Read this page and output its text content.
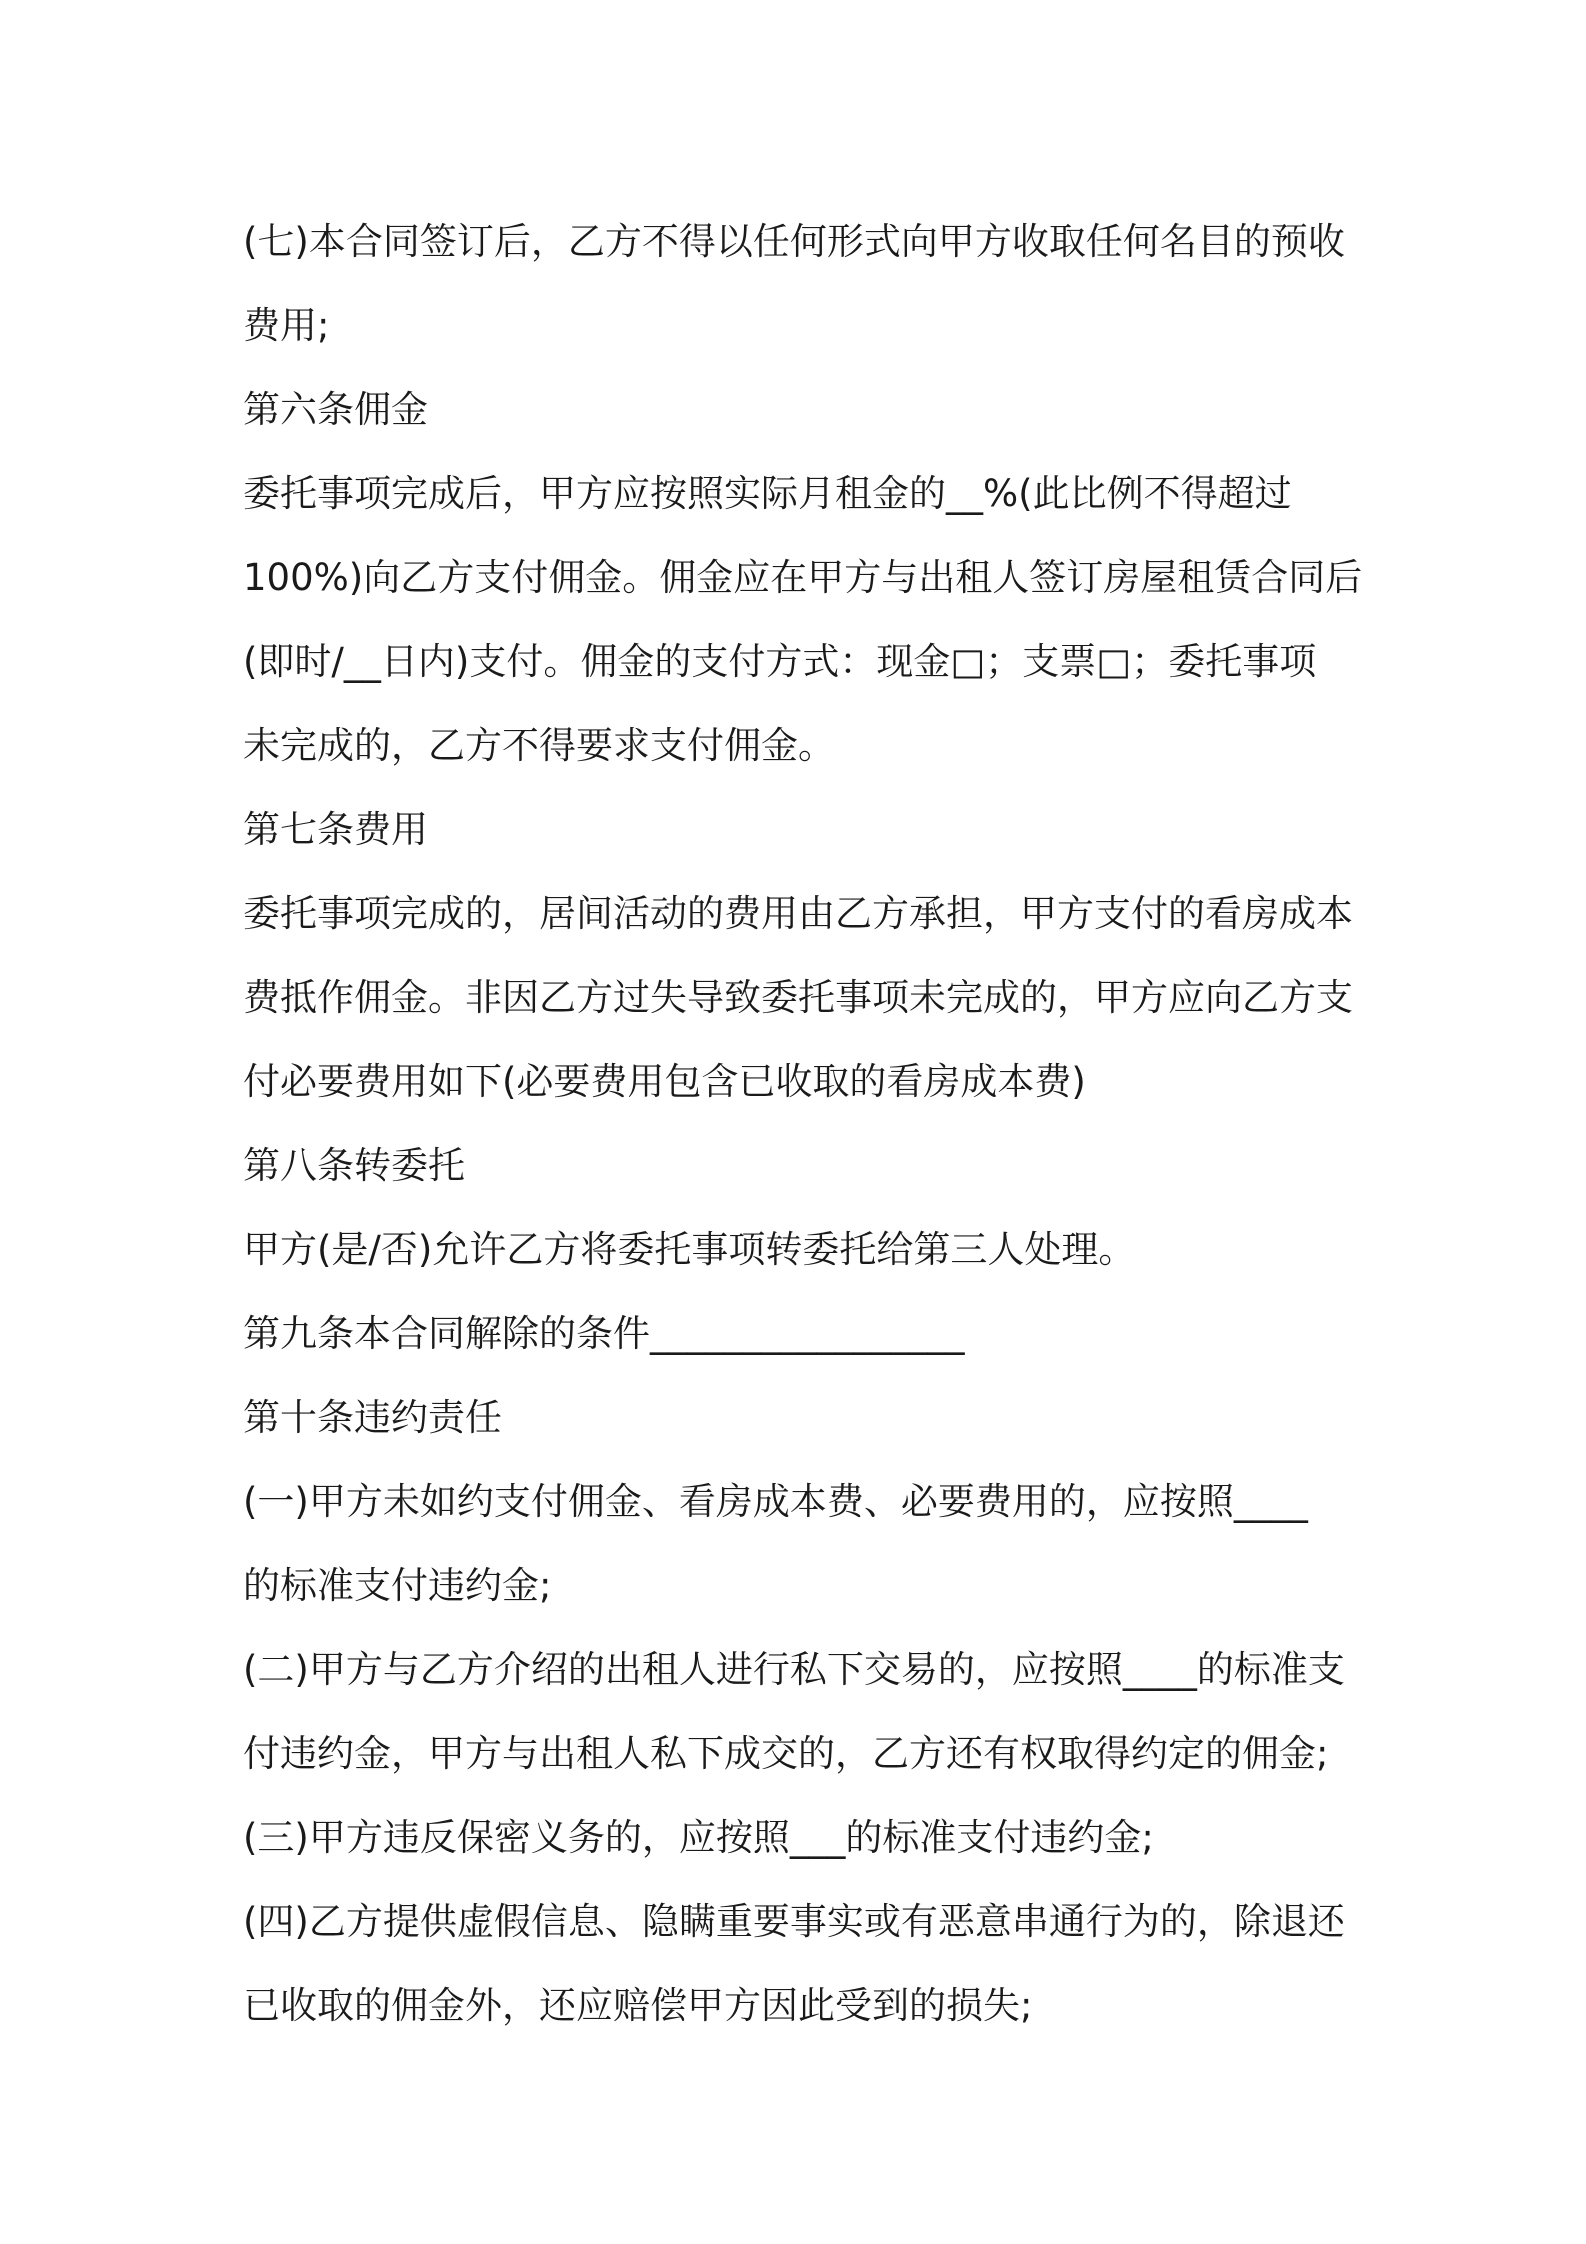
(七)本合同签订后，乙方不得以任何形式向甲方收取任何名目的预收

费用;

第六条佣金

委托事项完成后，甲方应按照实际月租金的__%(此比例不得超过

100%)向乙方支付佣金。佣金应在甲方与出租人签订房屋租赁合同后

(即时/__日内)支付。佣金的支付方式：现金□；支票□；委托事项

未完成的，乙方不得要求支付佣金。

第七条费用

委托事项完成的，居间活动的费用由乙方承担，甲方支付的看房成本

费抵作佣金。非因乙方过失导致委托事项未完成的，甲方应向乙方支

付必要费用如下(必要费用包含已收取的看房成本费)

第八条转委托

甲方(是/否)允许乙方将委托事项转委托给第三人处理。

第九条本合同解除的条件_________________

第十条违约责任

(一)甲方未如约支付佣金、看房成本费、必要费用的，应按照____

的标准支付违约金;

(二)甲方与乙方介绍的出租人进行私下交易的，应按照____的标准支

付违约金，甲方与出租人私下成交的，乙方还有权取得约定的佣金;

(三)甲方违反保密义务的，应按照___的标准支付违约金;

(四)乙方提供虚假信息、隐瞒重要事实或有恶意串通行为的，除退还

已收取的佣金外，还应赔偿甲方因此受到的损失;
